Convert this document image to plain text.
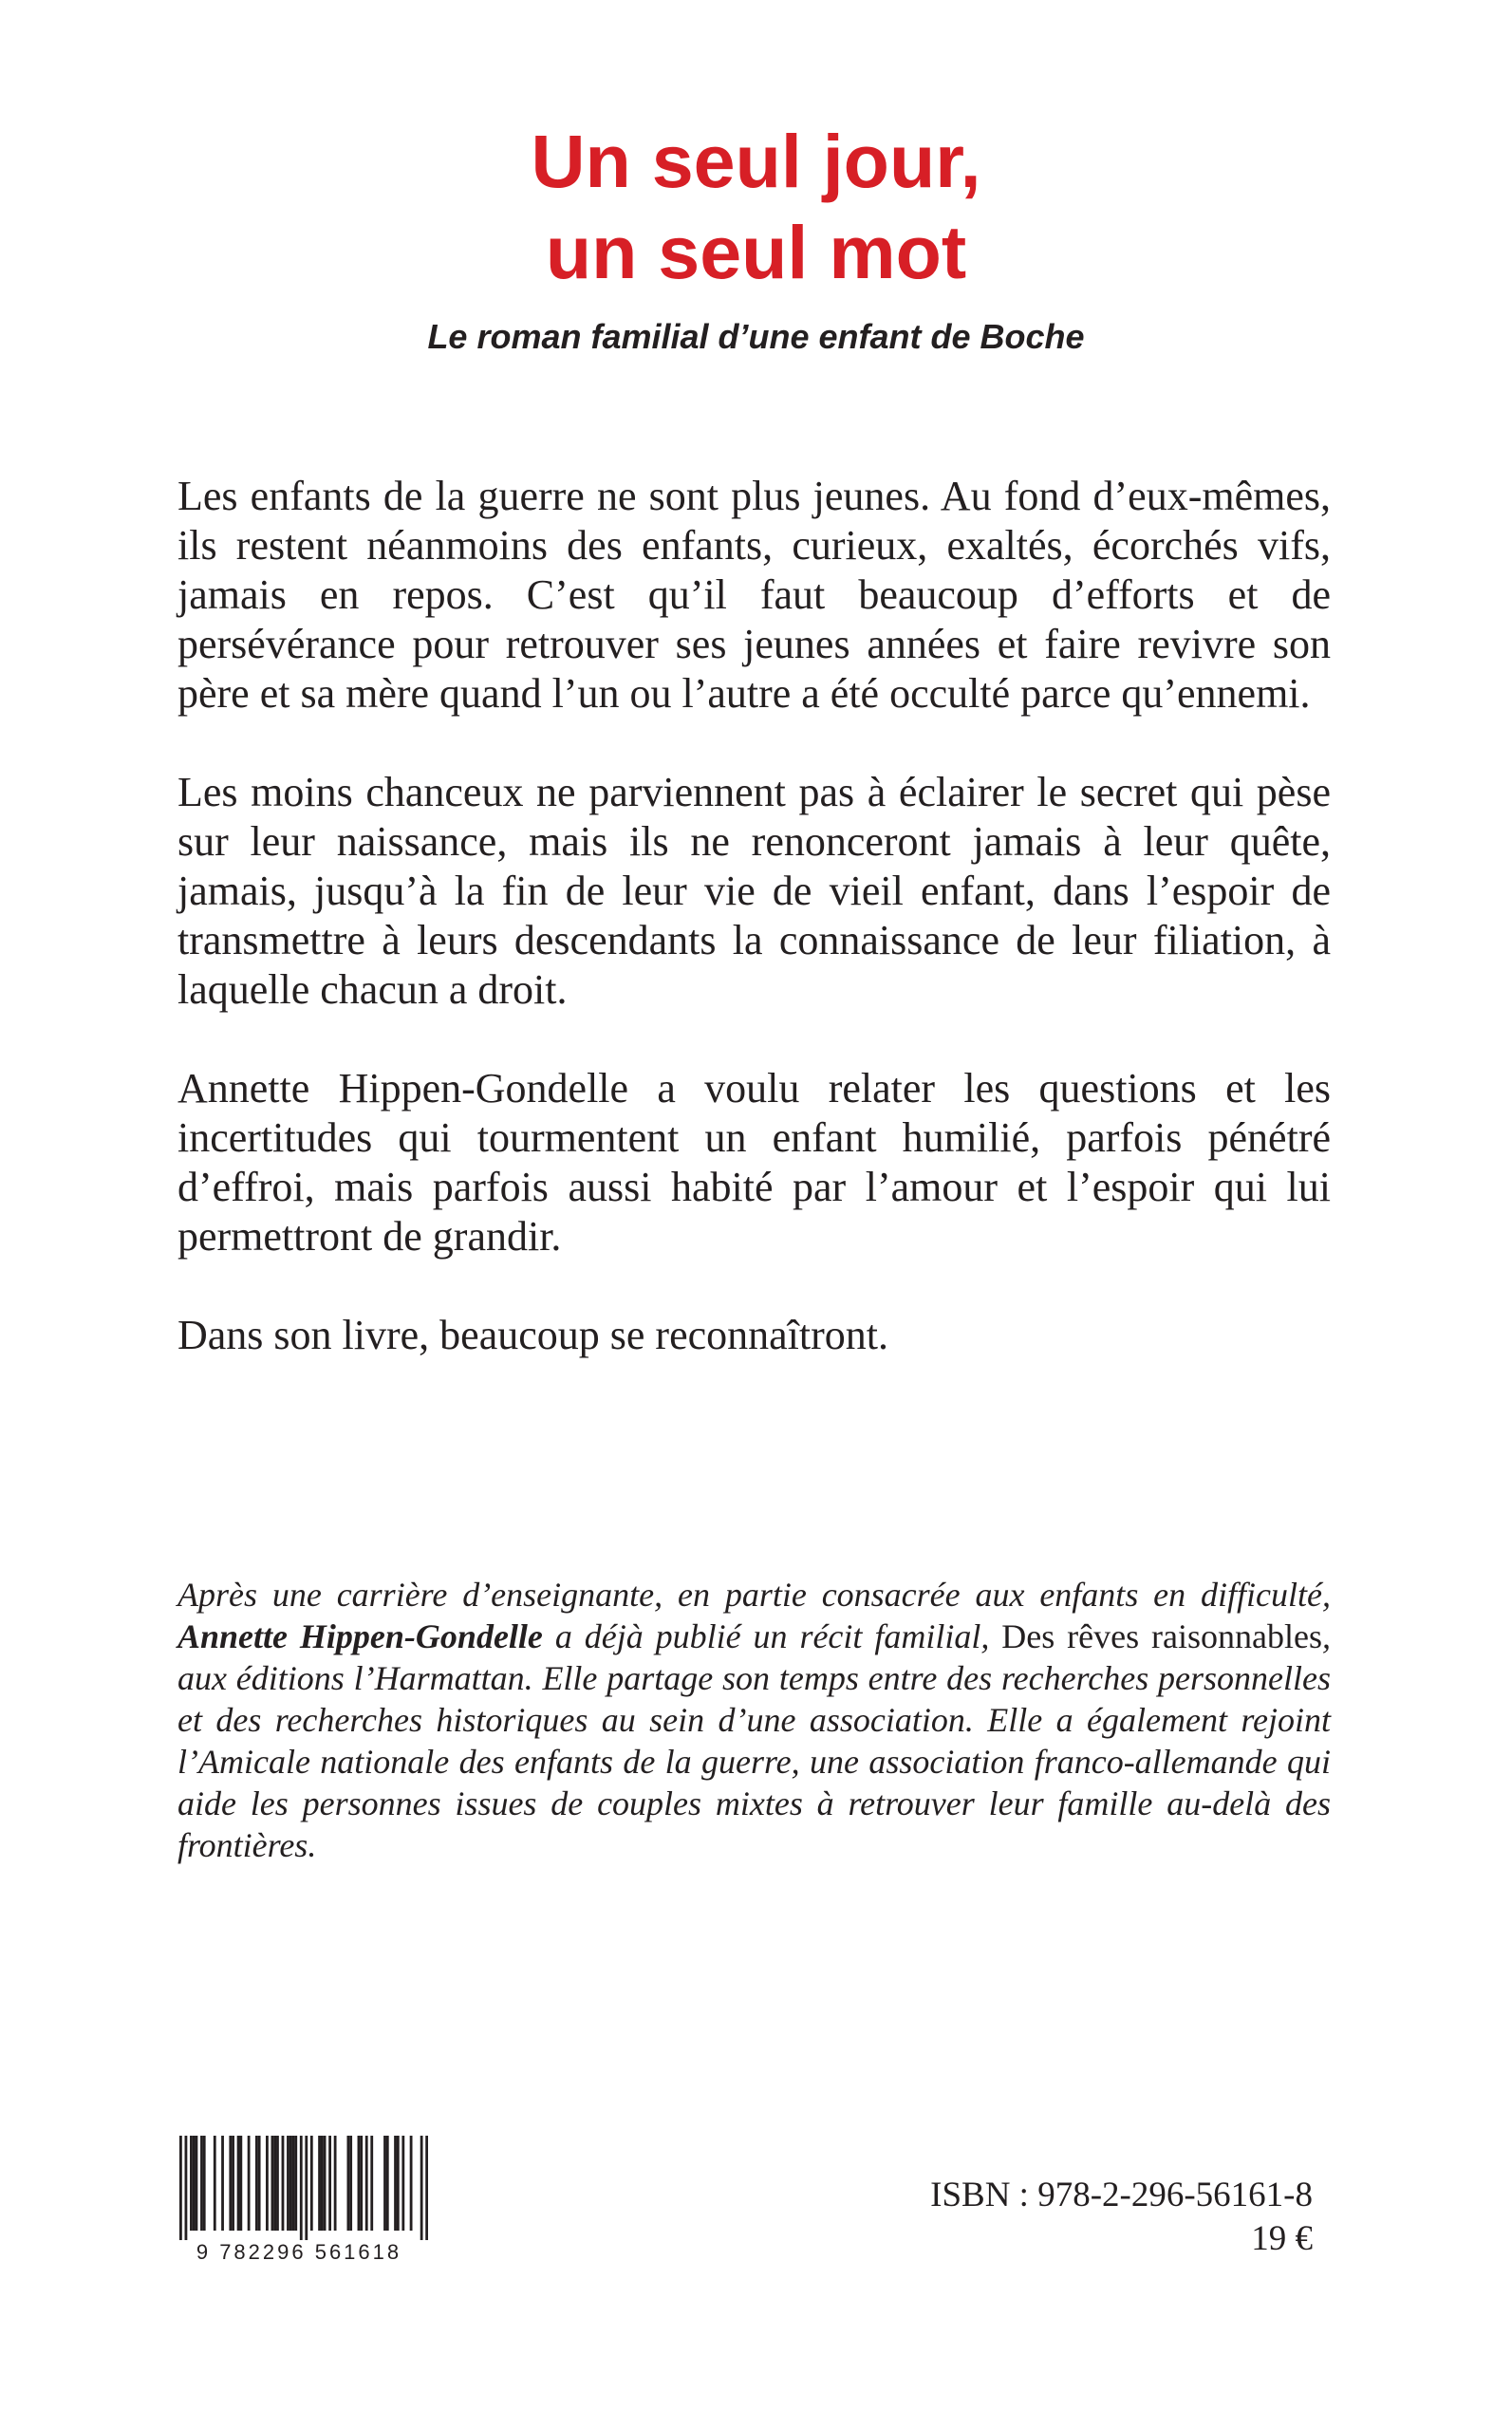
Un seul jour,
un seul mot
Le roman familial d’une enfant de Boche

Les enfants de la guerre ne sont plus jeunes. Au fond d’eux-mêmes, ils restent néanmoins des enfants, curieux, exaltés, écorchés vifs, jamais en repos. C’est qu’il faut beaucoup d’efforts et de persévérance pour retrouver ses jeunes années et faire revivre son père et sa mère quand l’un ou l’autre a été occulté parce qu’ennemi.

Les moins chanceux ne parviennent pas à éclairer le secret qui pèse sur leur naissance, mais ils ne renonceront jamais à leur quête, jamais, jusqu’à la fin de leur vie de vieil enfant, dans l’espoir de transmettre à leurs descendants la connaissance de leur filiation, à laquelle chacun a droit.

Annette Hippen-Gondelle a voulu relater les questions et les incertitudes qui tourmentent un enfant humilié, parfois pénétré d’effroi, mais parfois aussi habité par l’amour et l’espoir qui lui permettront de grandir.

Dans son livre, beaucoup se reconnaîtront.

Après une carrière d’enseignante, en partie consacrée aux enfants en difficulté, Annette Hippen-Gondelle a déjà publié un récit familial, Des rêves raisonnables, aux éditions l’Harmattan. Elle partage son temps entre des recherches personnelles et des recherches historiques au sein d’une association. Elle a également rejoint l’Amicale nationale des enfants de la guerre, une association franco-allemande qui aide les personnes issues de couples mixtes à retrouver leur famille au-delà des frontières.

9 782296 561618
ISBN : 978-2-296-56161-8
19 €
